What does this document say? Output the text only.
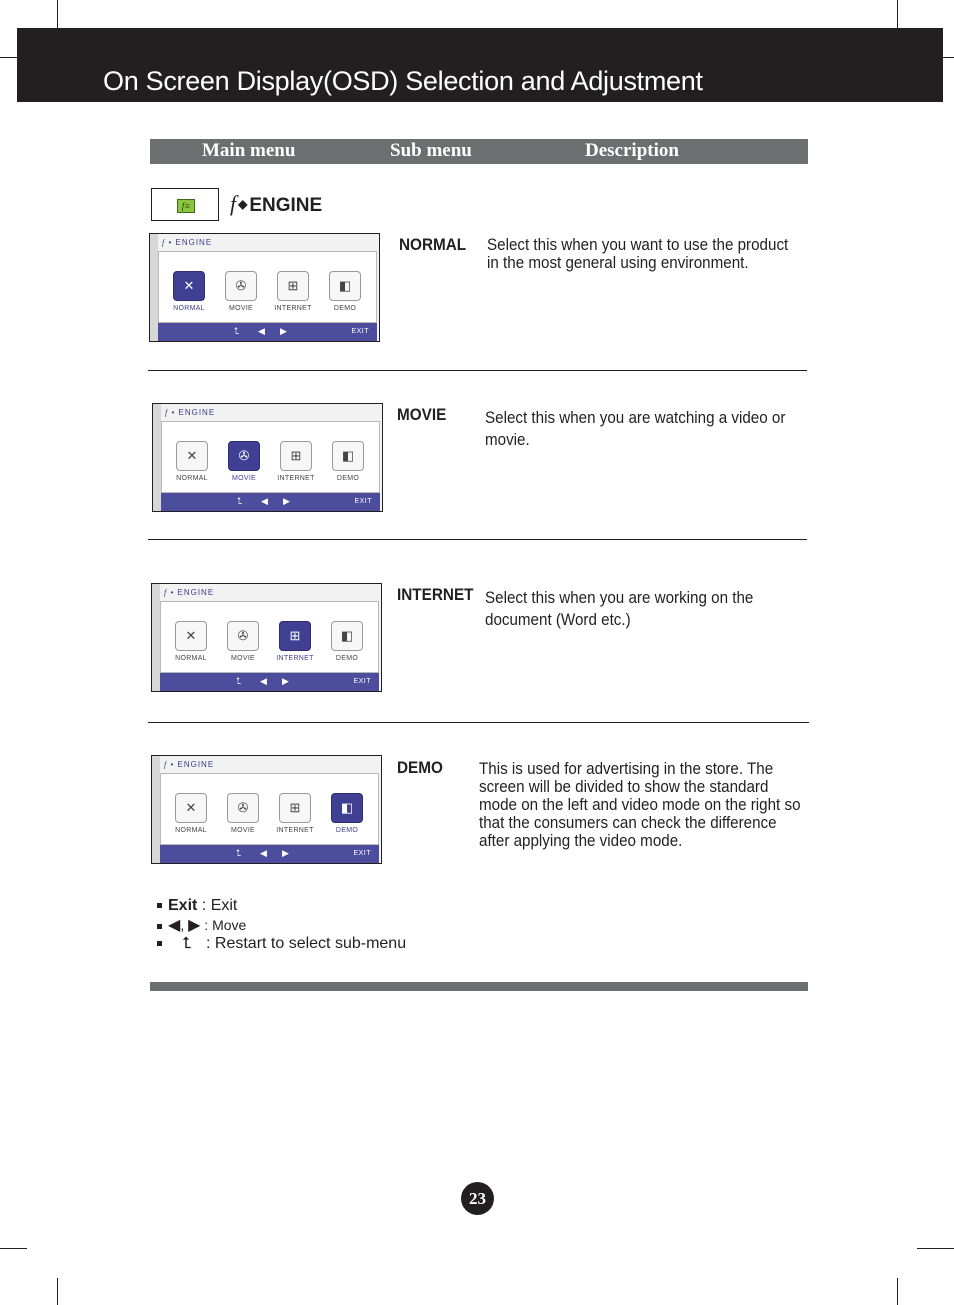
On Screen Display(OSD) Selection and Adjustment
Main menu	Sub menu	Description
f≡ f ◆ ENGINE
f • ENGINE
✕	✇	⊞	◧
NORMAL	MOVIE	INTERNET	DEMO
⮤ ◀ ▶	EXIT
NORMAL Select this when you want to use the product
in the most general using environment.
f • ENGINE
✕	✇	⊞	◧
NORMAL	MOVIE	INTERNET	DEMO
⮤ ◀ ▶	EXIT
MOVIE Select this when you are watching a video or
movie.
f • ENGINE
✕	✇	⊞	◧
NORMAL	MOVIE	INTERNET	DEMO
⮤ ◀ ▶	EXIT
INTERNET Select this when you are working on the
document (Word etc.)
f • ENGINE
✕	✇	⊞	◧
NORMAL	MOVIE	INTERNET	DEMO
⮤ ◀ ▶	EXIT
DEMO This is used for advertising in the store. The
screen will be divided to show the standard
mode on the left and video mode on the right so
that the consumers can check the difference
after applying the video mode.
Exit : Exit
◀, ▶ : Move
⮤ : Restart to select sub-menu
23
